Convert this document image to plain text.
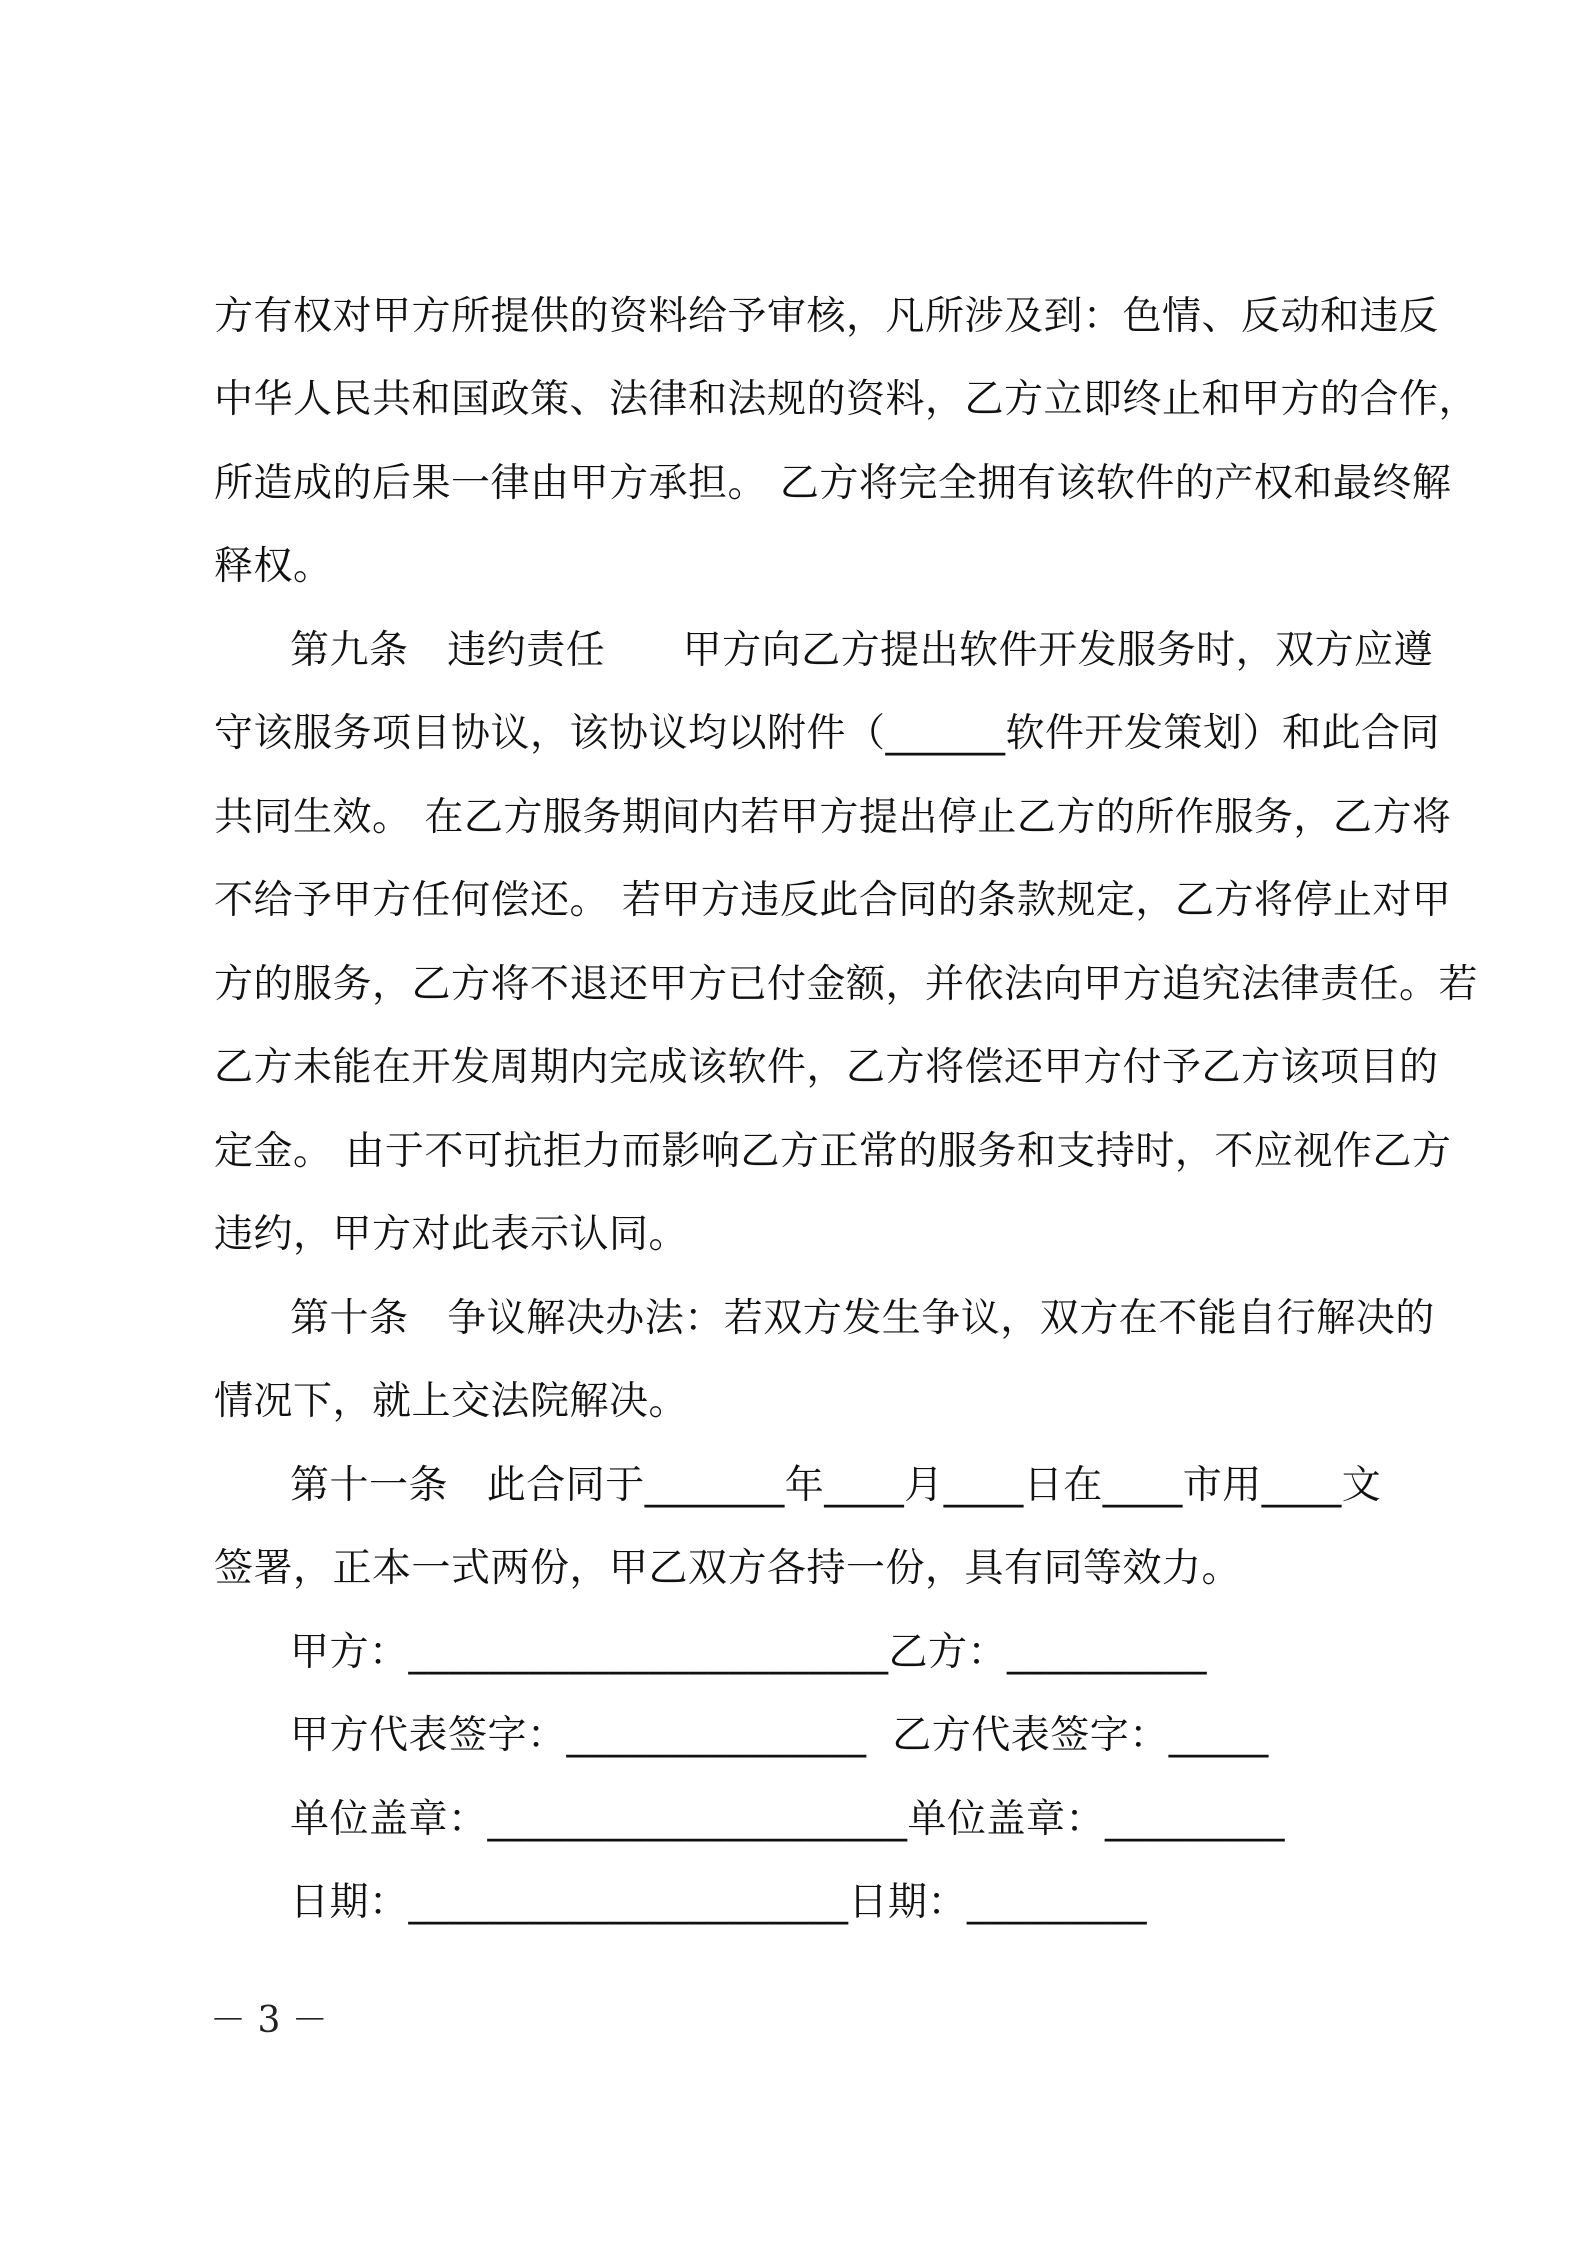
方有权对甲方所提供的资料给予审核，凡所涉及到：色情、反动和违反
中华人民共和国政策、法律和法规的资料，乙方立即终止和甲方的合作，
所造成的后果一律由甲方承担。 乙方将完全拥有该软件的产权和最终解
释权。
第九条   违约责任      甲方向乙方提出软件开发服务时，双方应遵
守该服务项目协议，该协议均以附件（______软件开发策划）和此合同
共同生效。 在乙方服务期间内若甲方提出停止乙方的所作服务，乙方将
不给予甲方任何偿还。 若甲方违反此合同的条款规定，乙方将停止对甲
方的服务，乙方将不退还甲方已付金额，并依法向甲方追究法律责任。若
乙方未能在开发周期内完成该软件，乙方将偿还甲方付予乙方该项目的
定金。 由于不可抗拒力而影响乙方正常的服务和支持时，不应视作乙方
违约，甲方对此表示认同。
第十条   争议解决办法：若双方发生争议，双方在不能自行解决的
情况下，就上交法院解决。
第十一条   此合同于_______年____月____日在____市用____文
签署，正本一式两份，甲乙双方各持一份，具有同等效力。
甲方：________________________乙方：__________
甲方代表签字：_______________  乙方代表签字：_____
单位盖章：_____________________单位盖章：_________
日期：______________________日期：_________
－ 3 －
